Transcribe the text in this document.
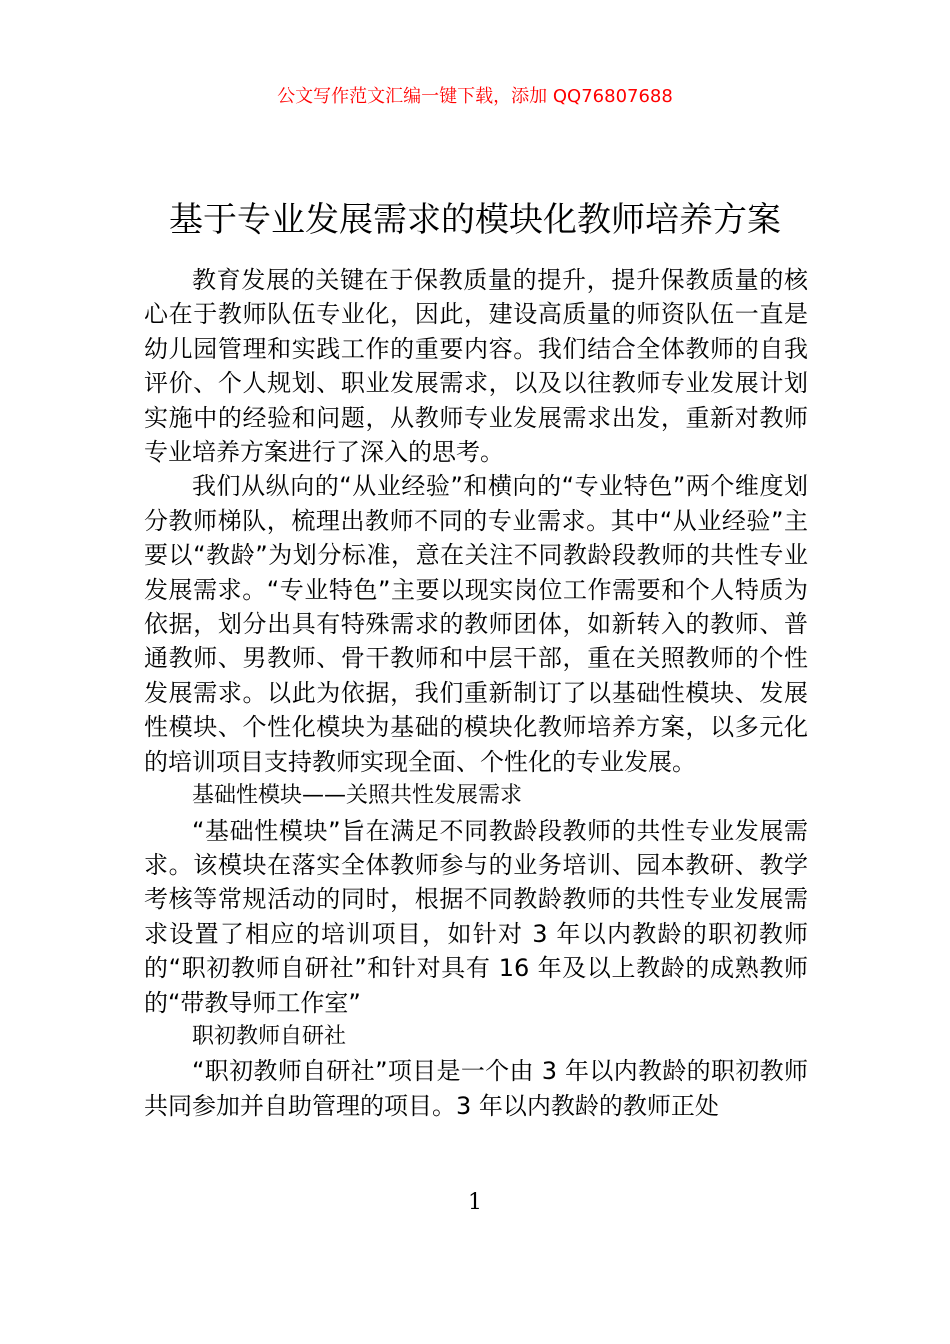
公文写作范文汇编一键下载，添加 QQ76807688
基于专业发展需求的模块化教师培养方案

教育发展的关键在于保教质量的提升，提升保教质量的核心在于教师队伍专业化，因此，建设高质量的师资队伍一直是幼儿园管理和实践工作的重要内容。我们结合全体教师的自我评价、个人规划、职业发展需求，以及以往教师专业发展计划实施中的经验和问题，从教师专业发展需求出发，重新对教师专业培养方案进行了深入的思考。

我们从纵向的“从业经验”和横向的“专业特色”两个维度划分教师梯队，梳理出教师不同的专业需求。其中“从业经验”主要以“教龄”为划分标准，意在关注不同教龄段教师的共性专业发展需求。“专业特色”主要以现实岗位工作需要和个人特质为依据，划分出具有特殊需求的教师团体，如新转入的教师、普通教师、男教师、骨干教师和中层干部，重在关照教师的个性发展需求。以此为依据，我们重新制订了以基础性模块、发展性模块、个性化模块为基础的模块化教师培养方案，以多元化的培训项目支持教师实现全面、个性化的专业发展。

基础性模块——关照共性发展需求

“基础性模块”旨在满足不同教龄段教师的共性专业发展需求。该模块在落实全体教师参与的业务培训、园本教研、教学考核等常规活动的同时，根据不同教龄教师的共性专业发展需求设置了相应的培训项目，如针对 3 年以内教龄的职初教师的“职初教师自研社”和针对具有 16 年及以上教龄的成熟教师的“带教导师工作室”

职初教师自研社

“职初教师自研社”项目是一个由 3 年以内教龄的职初教师共同参加并自助管理的项目。3 年以内教龄的教师正处

1
